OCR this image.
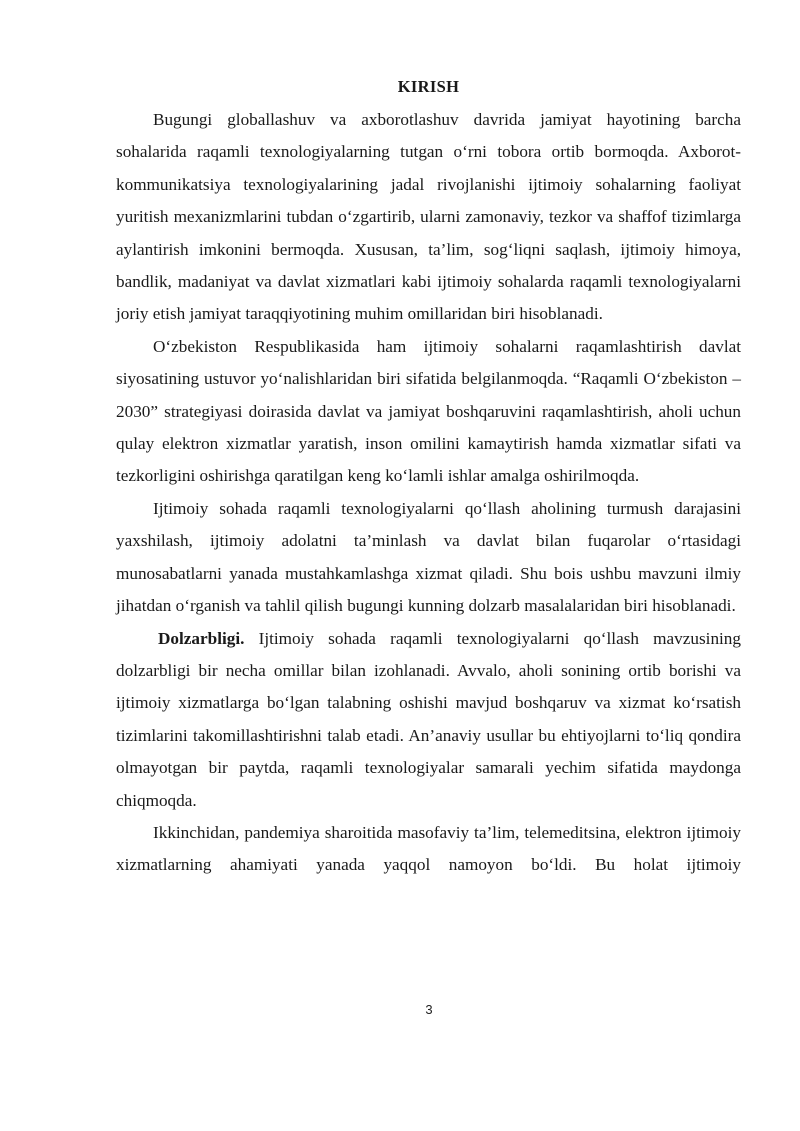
KIRISH

Bugungi globallashuv va axborotlashuv davrida jamiyat hayotining barcha sohalarida raqamli texnologiyalarning tutgan o‘rni tobora ortib bormoqda. Axborot-kommunikatsiya texnologiyalarining jadal rivojlanishi ijtimoiy sohalarning faoliyat yuritish mexanizmlarini tubdan o‘zgartirib, ularni zamonaviy, tezkor va shaffof tizimlarga aylantirish imkonini bermoqda. Xususan, ta’lim, sog‘liqni saqlash, ijtimoiy himoya, bandlik, madaniyat va davlat xizmatlari kabi ijtimoiy sohalarda raqamli texnologiyalarni joriy etish jamiyat taraqqiyotining muhim omillaridan biri hisoblanadi.

O‘zbekiston Respublikasida ham ijtimoiy sohalarni raqamlashtirish davlat siyosatining ustuvor yo‘nalishlaridan biri sifatida belgilanmoqda. “Raqamli O‘zbekiston – 2030” strategiyasi doirasida davlat va jamiyat boshqaruvini raqamlashtirish, aholi uchun qulay elektron xizmatlar yaratish, inson omilini kamaytirish hamda xizmatlar sifati va tezkorligini oshirishga qaratilgan keng ko‘lamli ishlar amalga oshirilmoqda.

Ijtimoiy sohada raqamli texnologiyalarni qo‘llash aholining turmush darajasini yaxshilash, ijtimoiy adolatni ta’minlash va davlat bilan fuqarolar o‘rtasidagi munosabatlarni yanada mustahkamlashga xizmat qiladi. Shu bois ushbu mavzuni ilmiy jihatdan o‘rganish va tahlil qilish bugungi kunning dolzarb masalalaridan biri hisoblanadi.

Dolzarbligi. Ijtimoiy sohada raqamli texnologiyalarni qo‘llash mavzusining dolzarbligi bir necha omillar bilan izohlanadi. Avvalo, aholi sonining ortib borishi va ijtimoiy xizmatlarga bo‘lgan talabning oshishi mavjud boshqaruv va xizmat ko‘rsatish tizimlarini takomillashtirishni talab etadi. An’anaviy usullar bu ehtiyojlarni to‘liq qondira olmayotgan bir paytda, raqamli texnologiyalar samarali yechim sifatida maydonga chiqmoqda.

Ikkinchidan, pandemiya sharoitida masofaviy ta’lim, telemeditsina, elektron ijtimoiy xizmatlarning ahamiyati yanada yaqqol namoyon bo‘ldi. Bu holat ijtimoiy

3
